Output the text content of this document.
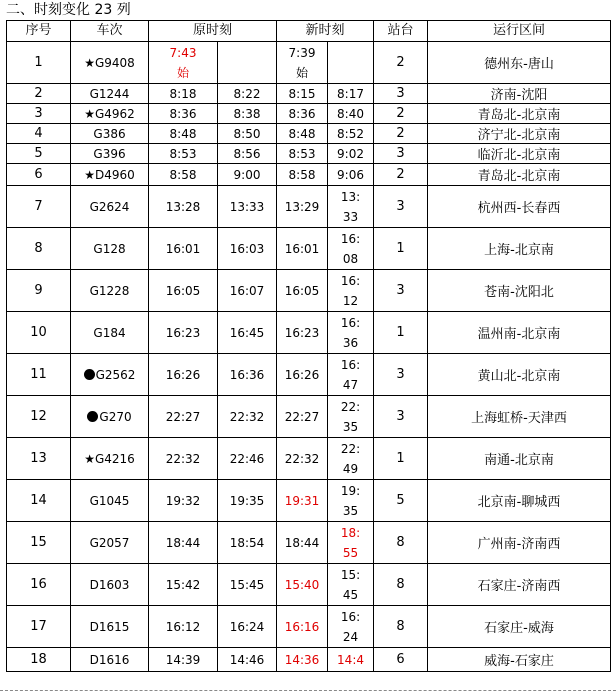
二、时刻变化 23 列
序号	车次	原时刻		新时刻		站台	运行区间
1	★G9408	7:43 始		7:39 始		2	德州东-唐山
2	G1244	8:18	8:22	8:15	8:17	3	济南-沈阳
3	★G4962	8:36	8:38	8:36	8:40	2	青岛北-北京南
4	G386	8:48	8:50	8:48	8:52	2	济宁北-北京南
5	G396	8:53	8:56	8:53	9:02	3	临沂北-北京南
6	★D4960	8:58	9:00	8:58	9:06	2	青岛北-北京南
7	G2624	13:28	13:33	13:29	13:33	3	杭州西-长春西
8	G128	16:01	16:03	16:01	16:08	1	上海-北京南
9	G1228	16:05	16:07	16:05	16:12	3	苍南-沈阳北
10	G184	16:23	16:45	16:23	16:36	1	温州南-北京南
11	G2562	16:26	16:36	16:26	16:47	3	黄山北-北京南
12	G270	22:27	22:32	22:27	22:35	3	上海虹桥-天津西
13	★G4216	22:32	22:46	22:32	22:49	1	南通-北京南
14	G1045	19:32	19:35	19:31	19:35	5	北京南-聊城西
15	G2057	18:44	18:54	18:44	18:55	8	广州南-济南西
16	D1603	15:42	15:45	15:40	15:45	8	石家庄-济南西
17	D1615	16:12	16:24	16:16	16:24	8	石家庄-威海
18	D1616	14:39	14:46	14:36	14:4	6	威海-石家庄
